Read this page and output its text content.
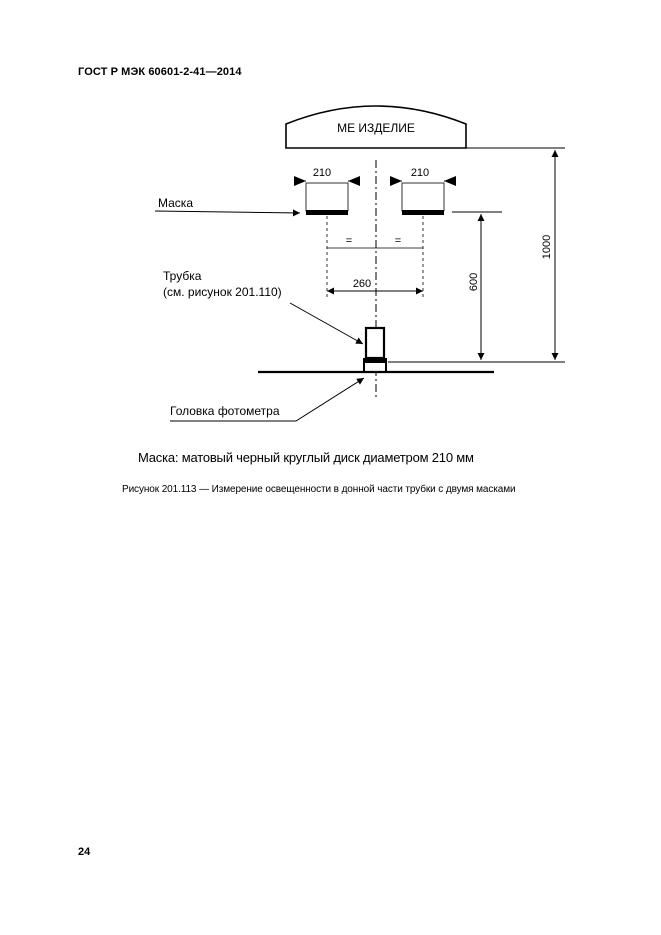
ГОСТ Р МЭК 60601-2-41—2014
МЕ ИЗДЕЛИЕ
210	210
Маска
=	=
260	600
1000
Трубка
(см. рисунок 201.110)
Головка фотометра
Маска: матовый черный круглый диск диаметром 210 мм
Рисунок 201.113 — Измерение освещенности в донной части трубки с двумя масками
24
